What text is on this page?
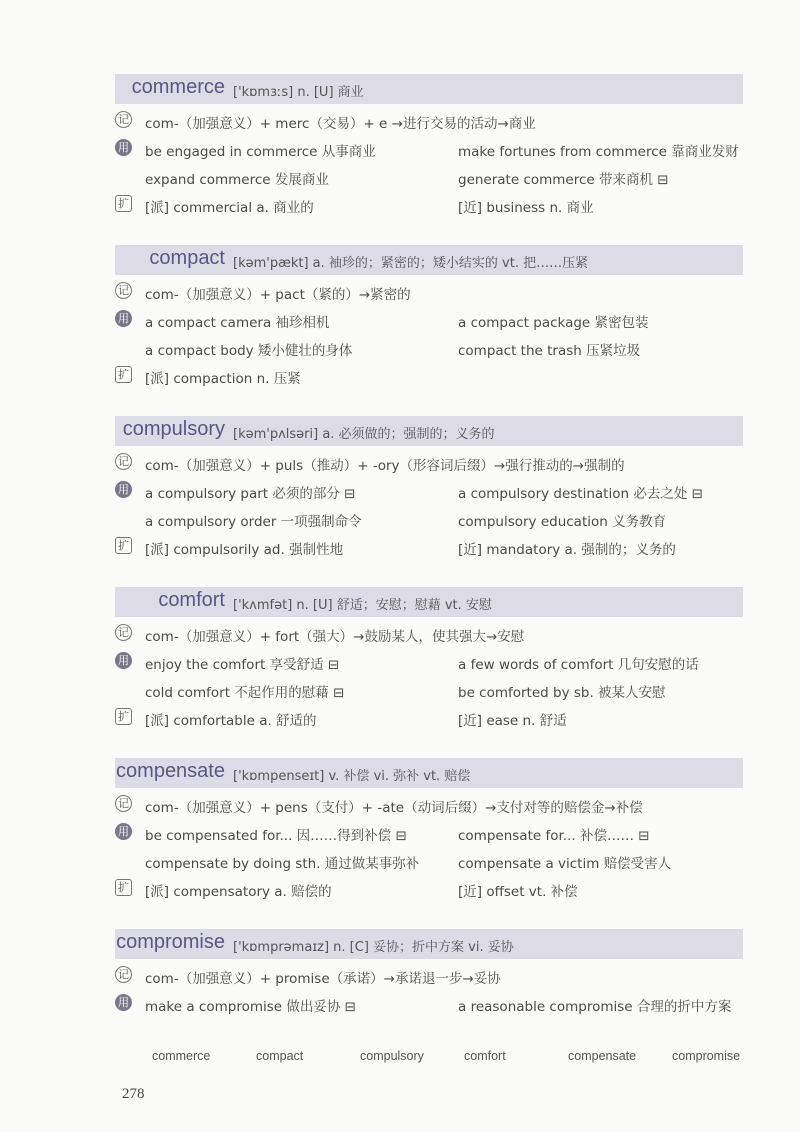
commerce ['kɒmɜːs] n. [U] 商业
记 com-（加强意义）+ merc（交易）+ e →进行交易的活动→商业
用 be engaged in commerce 从事商业	make fortunes from commerce 靠商业发财
expand commerce 发展商业	generate commerce 带来商机 ⊟
扩 [派] commercial a. 商业的	[近] business n. 商业
compact [kəm'pækt] a. 袖珍的；紧密的；矮小结实的 vt. 把……压紧
记 com-（加强意义）+ pact（紧的）→紧密的
用 a compact camera 袖珍相机	a compact package 紧密包装
a compact body 矮小健壮的身体	compact the trash 压紧垃圾
扩 [派] compaction n. 压紧
compulsory [kəm'pʌlsəri] a. 必须做的；强制的；义务的
记 com-（加强意义）+ puls（推动）+ -ory（形容词后缀）→强行推动的→强制的
用 a compulsory part 必须的部分 ⊟	a compulsory destination 必去之处 ⊟
a compulsory order 一项强制命令	compulsory education 义务教育
扩 [派] compulsorily ad. 强制性地	[近] mandatory a. 强制的；义务的
comfort ['kʌmfət] n. [U] 舒适；安慰；慰藉 vt. 安慰
记 com-（加强意义）+ fort（强大）→鼓励某人，使其强大→安慰
用 enjoy the comfort 享受舒适 ⊟	a few words of comfort 几句安慰的话
cold comfort 不起作用的慰藉 ⊟	be comforted by sb. 被某人安慰
扩 [派] comfortable a. 舒适的	[近] ease n. 舒适
compensate ['kɒmpenseɪt] v. 补偿 vi. 弥补 vt. 赔偿
记 com-（加强意义）+ pens（支付）+ -ate（动词后缀）→支付对等的赔偿金→补偿
用 be compensated for... 因……得到补偿 ⊟	compensate for... 补偿…… ⊟
compensate by doing sth. 通过做某事弥补	compensate a victim 赔偿受害人
扩 [派] compensatory a. 赔偿的	[近] offset vt. 补偿
compromise ['kɒmprəmaɪz] n. [C] 妥协；折中方案 vi. 妥协
记 com-（加强意义）+ promise（承诺）→承诺退一步→妥协
用 make a compromise 做出妥协 ⊟	a reasonable compromise 合理的折中方案
commerce	compact	compulsory	comfort	compensate	compromise
278
